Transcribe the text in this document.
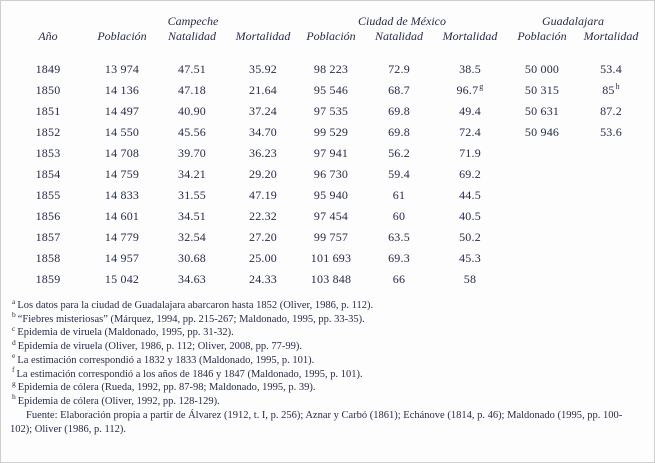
Campeche	Ciudad de México	Guadalajara
Año	Población	Natalidad	Mortalidad	Población	Natalidad	Mortalidad	Población	Mortalidad
1849	13 974	47.51	35.92	98 223	72.9	38.5	50 000	53.4
1850	14 136	47.18	21.64	95 546	68.7	96.7$^g$	50 315	85$^h$
1851	14 497	40.90	37.24	97 535	69.8	49.4	50 631	87.2
1852	14 550	45.56	34.70	99 529	69.8	72.4	50 946	53.6
1853	14 708	39.70	36.23	97 941	56.2	71.9
1854	14 759	34.21	29.20	96 730	59.4	69.2
1855	14 833	31.55	47.19	95 940	61	44.5
1856	14 601	34.51	22.32	97 454	60	40.5
1857	14 779	32.54	27.20	99 757	63.5	50.2
1858	14 957	30.68	25.00	101 693	69.3	45.3
1859	15 042	34.63	24.33	103 848	66	58

$^a$ Los datos para la ciudad de Guadalajara abarcaron hasta 1852 (Oliver, 1986, p. 112).

$^b$ “Fiebres misteriosas” (Márquez, 1994, pp. 215-267; Maldonado, 1995, pp. 33-35).

$^c$ Epidemia de viruela (Maldonado, 1995, pp. 31-32).

$^d$ Epidemia de viruela (Oliver, 1986, p. 112; Oliver, 2008, pp. 77-99).

$^e$ La estimación correspondió a 1832 y 1833 (Maldonado, 1995, p. 101).

$^f$ La estimación correspondió a los años de 1846 y 1847 (Maldonado, 1995, p. 101).

$^g$ Epidemia de cólera (Rueda, 1992, pp. 87-98; Maldonado, 1995, p. 39).

$^h$ Epidemia de cólera (Oliver, 1992, pp. 128-129).

Fuente: Elaboración propia a partir de Álvarez (1912, t. I, p. 256); Aznar y Carbó (1861); Echánove (1814, p. 46); Maldonado (1995, pp. 100-102); Oliver (1986, p. 112).
